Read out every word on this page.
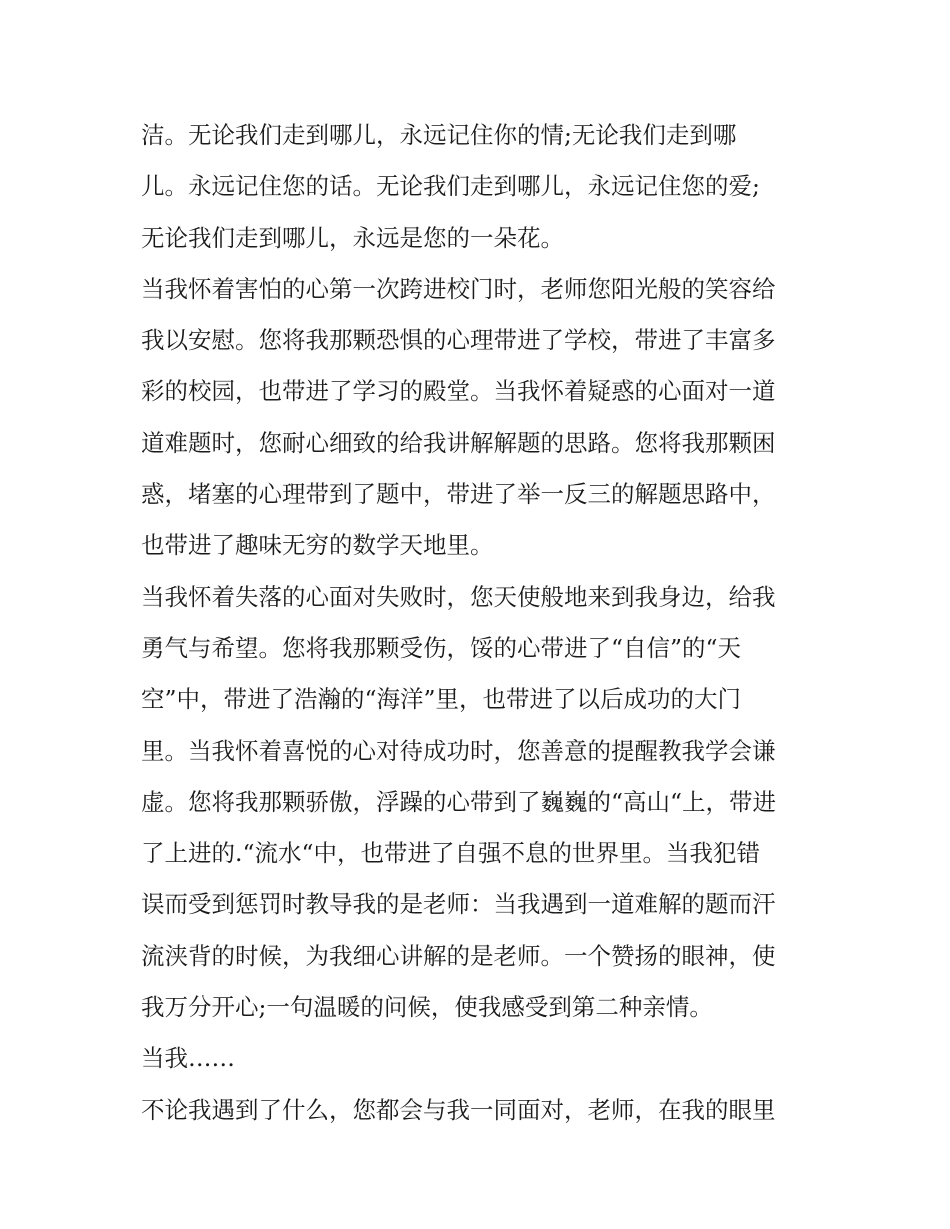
洁。无论我们走到哪儿，永远记住你的情;无论我们走到哪
儿。永远记住您的话。无论我们走到哪儿，永远记住您的爱;
无论我们走到哪儿，永远是您的一朵花。
当我怀着害怕的心第一次跨进校门时，老师您阳光般的笑容给
我以安慰。您将我那颗恐惧的心理带进了学校，带进了丰富多
彩的校园，也带进了学习的殿堂。当我怀着疑惑的心面对一道
道难题时，您耐心细致的给我讲解解题的思路。您将我那颗困
惑，堵塞的心理带到了题中，带进了举一反三的解题思路中，
也带进了趣味无穷的数学天地里。
当我怀着失落的心面对失败时，您天使般地来到我身边，给我
勇气与希望。您将我那颗受伤，馁的心带进了“自信”的“天
空”中，带进了浩瀚的“海洋”里，也带进了以后成功的大门
里。当我怀着喜悦的心对待成功时，您善意的提醒教我学会谦
虚。您将我那颗骄傲，浮躁的心带到了巍巍的“高山“上，带进
了上进的.“流水“中，也带进了自强不息的世界里。当我犯错
误而受到惩罚时教导我的是老师：当我遇到一道难解的题而汗
流浃背的时候，为我细心讲解的是老师。一个赞扬的眼神，使
我万分开心;一句温暖的问候，使我感受到第二种亲情。
当我……
不论我遇到了什么，您都会与我一同面对，老师，在我的眼里
